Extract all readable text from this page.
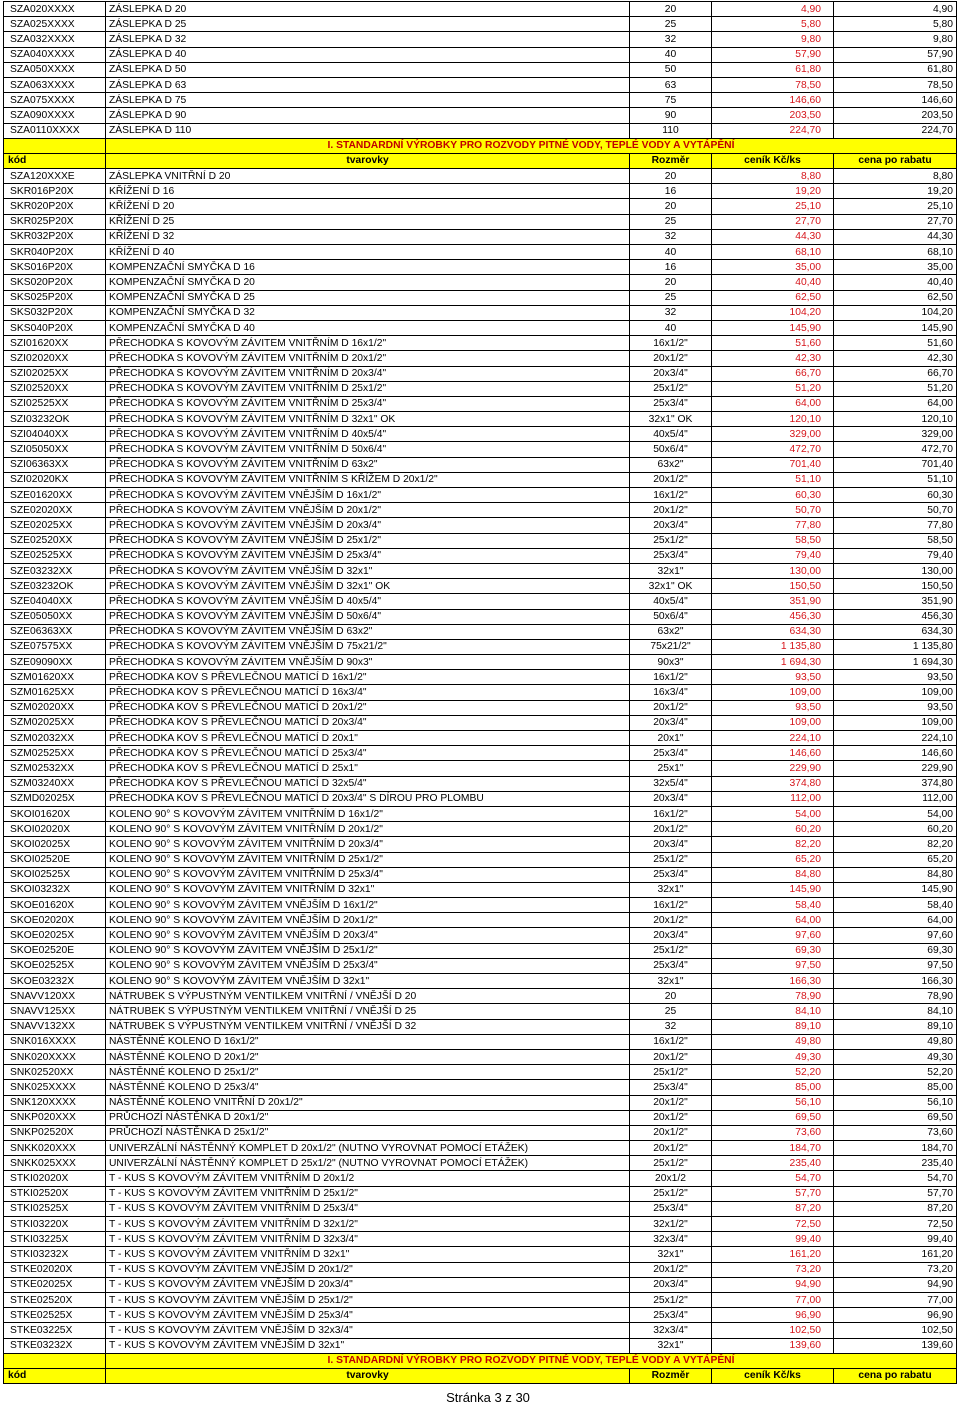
SZA020XXXX	ZÁSLEPKA D 20	20	4,90	4,90
SZA025XXXX	ZÁSLEPKA D 25	25	5,80	5,80
SZA032XXXX	ZÁSLEPKA D 32	32	9,80	9,80
SZA040XXXX	ZÁSLEPKA D 40	40	57,90	57,90
SZA050XXXX	ZÁSLEPKA D 50	50	61,80	61,80
SZA063XXXX	ZÁSLEPKA D 63	63	78,50	78,50
SZA075XXXX	ZÁSLEPKA D 75	75	146,60	146,60
SZA090XXXX	ZÁSLEPKA D 90	90	203,50	203,50
SZA0110XXXX	ZÁSLEPKA D 110	110	224,70	224,70
	I. STANDARDNÍ VÝROBKY PRO ROZVODY PITNÉ VODY, TEPLÉ VODY A VYTÁPĚNÍ			
kód	tvarovky	Rozměr	ceník Kč/ks	cena po rabatu
SZA120XXXE	ZÁSLEPKA VNITŘNÍ D 20	20	8,80	8,80
SKR016P20X	KŘÍŽENÍ D 16	16	19,20	19,20
SKR020P20X	KŘÍŽENÍ D 20	20	25,10	25,10
SKR025P20X	KŘÍŽENÍ D 25	25	27,70	27,70
SKR032P20X	KŘÍŽENÍ D 32	32	44,30	44,30
SKR040P20X	KŘÍŽENÍ D 40	40	68,10	68,10
SKS016P20X	KOMPENZAČNÍ SMYČKA D 16	16	35,00	35,00
SKS020P20X	KOMPENZAČNÍ SMYČKA D 20	20	40,40	40,40
SKS025P20X	KOMPENZAČNÍ SMYČKA D 25	25	62,50	62,50
SKS032P20X	KOMPENZAČNÍ SMYČKA D 32	32	104,20	104,20
SKS040P20X	KOMPENZAČNÍ SMYČKA D 40	40	145,90	145,90
SZI01620XX	PŘECHODKA S KOVOVÝM ZÁVITEM VNITŘNÍM D 16x1/2"	16x1/2"	51,60	51,60
SZI02020XX	PŘECHODKA S KOVOVÝM ZÁVITEM VNITŘNÍM D 20x1/2"	20x1/2"	42,30	42,30
SZI02025XX	PŘECHODKA S KOVOVÝM ZÁVITEM VNITŘNÍM D 20x3/4"	20x3/4"	66,70	66,70
SZI02520XX	PŘECHODKA S KOVOVÝM ZÁVITEM VNITŘNÍM D 25x1/2"	25x1/2"	51,20	51,20
SZI02525XX	PŘECHODKA S KOVOVÝM ZÁVITEM VNITŘNÍM D 25x3/4"	25x3/4"	64,00	64,00
SZI03232OK	PŘECHODKA S KOVOVÝM ZÁVITEM VNITŘNÍM D 32x1" OK	32x1" OK	120,10	120,10
SZI04040XX	PŘECHODKA S KOVOVÝM ZÁVITEM VNITŘNÍM D 40x5/4"	40x5/4"	329,00	329,00
SZI05050XX	PŘECHODKA S KOVOVÝM ZÁVITEM VNITŘNÍM D 50x6/4"	50x6/4"	472,70	472,70
SZI06363XX	PŘECHODKA S KOVOVÝM ZÁVITEM VNITŘNÍM D 63x2"	63x2"	701,40	701,40
SZI02020KX	PŘECHODKA S KOVOVÝM ZÁVITEM VNITŘNÍM S KŘÍŽEM D 20x1/2"	20x1/2"	51,10	51,10
SZE01620XX	PŘECHODKA S KOVOVÝM ZÁVITEM VNĚJŠÍM D 16x1/2"	16x1/2"	60,30	60,30
SZE02020XX	PŘECHODKA S KOVOVÝM ZÁVITEM VNĚJŠÍM D 20x1/2"	20x1/2"	50,70	50,70
SZE02025XX	PŘECHODKA S KOVOVÝM ZÁVITEM VNĚJŠÍM D 20x3/4"	20x3/4"	77,80	77,80
SZE02520XX	PŘECHODKA S KOVOVÝM ZÁVITEM VNĚJŠÍM D 25x1/2"	25x1/2"	58,50	58,50
SZE02525XX	PŘECHODKA S KOVOVÝM ZÁVITEM VNĚJŠÍM D 25x3/4"	25x3/4"	79,40	79,40
SZE03232XX	PŘECHODKA S KOVOVÝM ZÁVITEM VNĚJŠÍM D 32x1"	32x1"	130,00	130,00
SZE03232OK	PŘECHODKA S KOVOVÝM ZÁVITEM VNĚJŠÍM D 32x1" OK	32x1" OK	150,50	150,50
SZE04040XX	PŘECHODKA S KOVOVÝM ZÁVITEM VNĚJŠÍM D 40x5/4"	40x5/4"	351,90	351,90
SZE05050XX	PŘECHODKA S KOVOVÝM ZÁVITEM VNĚJŠÍM D 50x6/4"	50x6/4"	456,30	456,30
SZE06363XX	PŘECHODKA S KOVOVÝM ZÁVITEM VNĚJŠÍM D 63x2"	63x2"	634,30	634,30
SZE07575XX	PŘECHODKA S KOVOVÝM ZÁVITEM VNĚJŠÍM D 75x21/2"	75x21/2"	1 135,80	1 135,80
SZE09090XX	PŘECHODKA S KOVOVÝM ZÁVITEM VNĚJŠÍM D 90x3"	90x3"	1 694,30	1 694,30
SZM01620XX	PŘECHODKA KOV S PŘEVLEČNOU MATICÍ D 16x1/2"	16x1/2"	93,50	93,50
SZM01625XX	PŘECHODKA KOV S PŘEVLEČNOU MATICÍ D 16x3/4"	16x3/4"	109,00	109,00
SZM02020XX	PŘECHODKA KOV S PŘEVLEČNOU MATICÍ D 20x1/2"	20x1/2"	93,50	93,50
SZM02025XX	PŘECHODKA KOV S PŘEVLEČNOU MATICÍ D 20x3/4"	20x3/4"	109,00	109,00
SZM02032XX	PŘECHODKA KOV S PŘEVLEČNOU MATICÍ D 20x1"	20x1"	224,10	224,10
SZM02525XX	PŘECHODKA KOV S PŘEVLEČNOU MATICÍ D 25x3/4"	25x3/4"	146,60	146,60
SZM02532XX	PŘECHODKA KOV S PŘEVLEČNOU MATICÍ D 25x1"	25x1"	229,90	229,90
SZM03240XX	PŘECHODKA KOV S PŘEVLEČNOU MATICÍ D 32x5/4"	32x5/4"	374,80	374,80
SZMD02025X	PŘECHODKA KOV S PŘEVLEČNOU MATICÍ D 20x3/4" S DÍROU PRO PLOMBU	20x3/4"	112,00	112,00
SKOI01620X	KOLENO 90° S KOVOVÝM ZÁVITEM VNITŘNÍM D 16x1/2"	16x1/2"	54,00	54,00
SKOI02020X	KOLENO 90° S KOVOVÝM ZÁVITEM VNITŘNÍM D 20x1/2"	20x1/2"	60,20	60,20
SKOI02025X	KOLENO 90° S KOVOVÝM ZÁVITEM VNITŘNÍM D 20x3/4"	20x3/4"	82,20	82,20
SKOI02520E	KOLENO 90° S KOVOVÝM ZÁVITEM VNITŘNÍM D 25x1/2"	25x1/2"	65,20	65,20
SKOI02525X	KOLENO 90° S KOVOVÝM ZÁVITEM VNITŘNÍM D 25x3/4"	25x3/4"	84,80	84,80
SKOI03232X	KOLENO 90° S KOVOVÝM ZÁVITEM VNITŘNÍM D 32x1"	32x1"	145,90	145,90
SKOE01620X	KOLENO 90° S KOVOVÝM ZÁVITEM VNĚJŠÍM D 16x1/2"	16x1/2"	58,40	58,40
SKOE02020X	KOLENO 90° S KOVOVÝM ZÁVITEM VNĚJŠÍM D 20x1/2"	20x1/2"	64,00	64,00
SKOE02025X	KOLENO 90° S KOVOVÝM ZÁVITEM VNĚJŠÍM D 20x3/4"	20x3/4"	97,60	97,60
SKOE02520E	KOLENO 90° S KOVOVÝM ZÁVITEM VNĚJŠÍM D 25x1/2"	25x1/2"	69,30	69,30
SKOE02525X	KOLENO 90° S KOVOVÝM ZÁVITEM VNĚJŠÍM D 25x3/4"	25x3/4"	97,50	97,50
SKOE03232X	KOLENO 90° S KOVOVÝM ZÁVITEM VNĚJŠÍM D 32x1"	32x1"	166,30	166,30
SNAVV120XX	NÁTRUBEK S VÝPUSTNÝM VENTILKEM VNITŘNÍ / VNĚJŠÍ D 20	20	78,90	78,90
SNAVV125XX	NÁTRUBEK S VÝPUSTNÝM VENTILKEM VNITŘNÍ / VNĚJŠÍ D 25	25	84,10	84,10
SNAVV132XX	NÁTRUBEK S VÝPUSTNÝM VENTILKEM VNITŘNÍ / VNĚJŠÍ D 32	32	89,10	89,10
SNK016XXXX	NÁSTĚNNÉ KOLENO D 16x1/2"	16x1/2"	49,80	49,80
SNK020XXXX	NÁSTĚNNÉ KOLENO D 20x1/2"	20x1/2"	49,30	49,30
SNK02520XX	NÁSTĚNNÉ KOLENO D 25x1/2"	25x1/2"	52,20	52,20
SNK025XXXX	NÁSTĚNNÉ KOLENO D 25x3/4"	25x3/4"	85,00	85,00
SNK120XXXX	NÁSTĚNNÉ KOLENO VNITŘNÍ D 20x1/2"	20x1/2"	56,10	56,10
SNKP020XXX	PRŮCHOZÍ NÁSTĚNKA D 20x1/2"	20x1/2"	69,50	69,50
SNKP02520X	PRŮCHOZÍ NÁSTĚNKA D 25x1/2"	20x1/2"	73,60	73,60
SNKK020XXX	UNIVERZÁLNÍ NÁSTĚNNÝ KOMPLET D 20x1/2" (NUTNO VYROVNAT POMOCÍ ETÁŽEK)	20x1/2"	184,70	184,70
SNKK025XXX	UNIVERZÁLNÍ NÁSTĚNNÝ KOMPLET D 25x1/2" (NUTNO VYROVNAT POMOCÍ ETÁŽEK)	25x1/2"	235,40	235,40
STKI02020X	T - KUS S KOVOVÝM ZÁVITEM VNITŘNÍM D 20x1/2	20x1/2	54,70	54,70
STKI02520X	T - KUS S KOVOVÝM ZÁVITEM VNITŘNÍM D 25x1/2"	25x1/2"	57,70	57,70
STKI02525X	T - KUS S KOVOVÝM ZÁVITEM VNITŘNÍM D 25x3/4"	25x3/4"	87,20	87,20
STKI03220X	T - KUS S KOVOVÝM ZÁVITEM VNITŘNÍM D 32x1/2"	32x1/2"	72,50	72,50
STKI03225X	T - KUS S KOVOVÝM ZÁVITEM VNITŘNÍM D 32x3/4"	32x3/4"	99,40	99,40
STKI03232X	T - KUS S KOVOVÝM ZÁVITEM VNITŘNÍM D 32x1"	32x1"	161,20	161,20
STKE02020X	T - KUS S KOVOVÝM ZÁVITEM VNĚJŠÍM D 20x1/2"	20x1/2"	73,20	73,20
STKE02025X	T - KUS S KOVOVÝM ZÁVITEM VNĚJŠÍM D 20x3/4"	20x3/4"	94,90	94,90
STKE02520X	T - KUS S KOVOVÝM ZÁVITEM VNĚJŠÍM D 25x1/2"	25x1/2"	77,00	77,00
STKE02525X	T - KUS S KOVOVÝM ZÁVITEM VNĚJŠÍM D 25x3/4"	25x3/4"	96,90	96,90
STKE03225X	T - KUS S KOVOVÝM ZÁVITEM VNĚJŠÍM D 32x3/4"	32x3/4"	102,50	102,50
STKE03232X	T - KUS S KOVOVÝM ZÁVITEM VNĚJŠÍM D 32x1"	32x1"	139,60	139,60
	I. STANDARDNÍ VÝROBKY PRO ROZVODY PITNÉ VODY, TEPLÉ VODY A VYTÁPĚNÍ			
kód	tvarovky	Rozměr	ceník Kč/ks	cena po rabatu
Stránka 3 z 30
